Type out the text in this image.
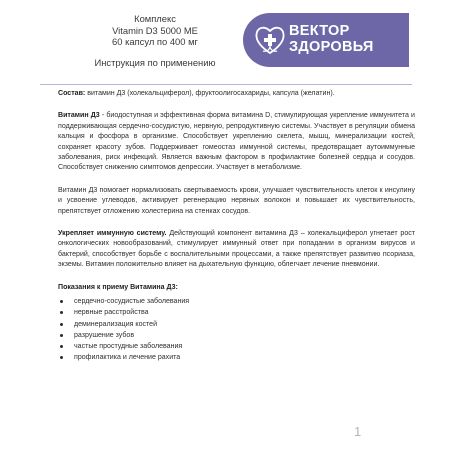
Комплекс
Vitamin D3 5000 МЕ
60 капсул по 400 мг
Инструкция по применению
ВЕКТОР
ЗДОРОВЬЯ

Состав: витамин Д3 (холекальциферол), фруктоолигосахариды, капсула (желатин).

Витамин Д3 - биодоступная и эффективная форма витамина D, стимулирующая укрепление иммунитета и поддерживающая сердечно-сосудистую, нервную, репродуктивную системы. Участвует в регуляции обмена кальция и фосфора в организме. Способствует укреплению скелета, мышц, минерализации костей, сохраняет красоту зубов. Поддерживает гомеостаз иммунной системы, предотвращает аутоиммунные заболевания, риск инфекций. Является важным фактором в профилактике болезней сердца и сосудов. Способствует снижению симптомов депрессии. Участвует в метаболизме.

Витамин Д3 помогает нормализовать свертываемость крови, улучшает чувствительность клеток к инсулину и усвоение углеводов, активирует регенерацию нервных волокон и повышает их чувствительность, препятствует отложению холестерина на стенках сосудов.

Укрепляет иммунную систему. Действующий компонент витамина Д3 – холекальциферол угнетает рост онкологических новообразований, стимулирует иммунный ответ при попадании в организм вирусов и бактерий, способствует борьбе с воспалительными процессами, а также препятствует развитию псориаза, экземы. Витамин положительно влияет на дыхательную функцию, облегчает лечение пневмонии.

Показания к приему Витамина Д3:
сердечно-сосудистые заболевания
нервные расстройства
деминерализация костей
разрушение зубов
частые простудные заболевания
профилактика и лечение рахита
1
